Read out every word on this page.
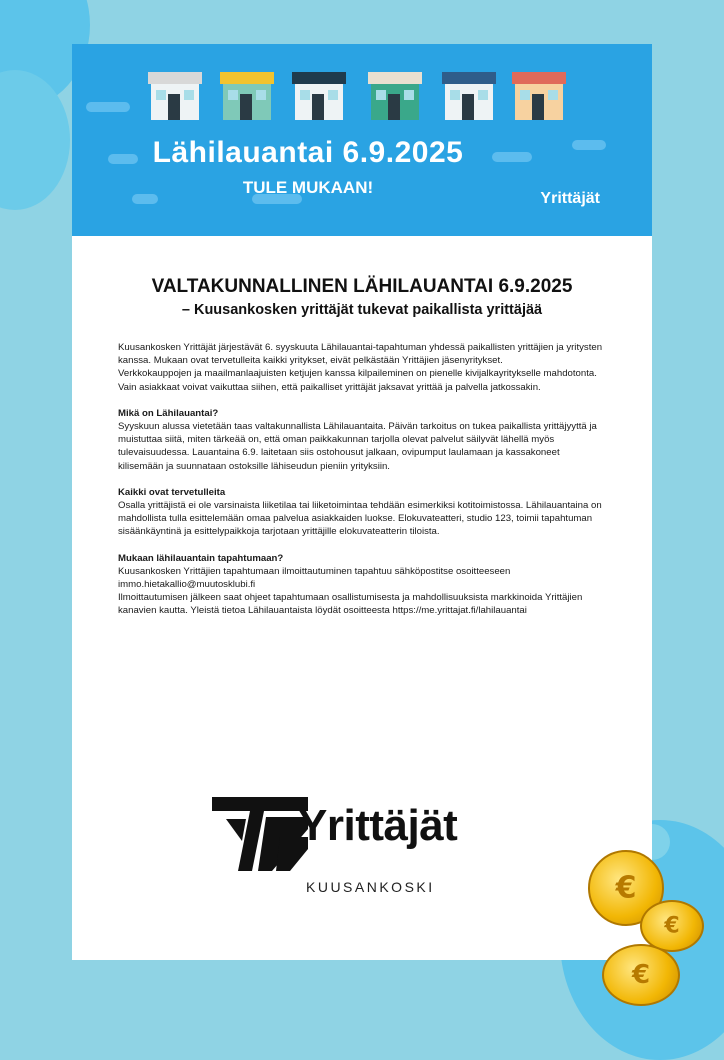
Lähilauantai 6.9.2025
TULE MUKAAN!
Yrittäjät
VALTAKUNNALLINEN LÄHILAUANTAI 6.9.2025
– Kuusankosken yrittäjät tukevat paikallista yrittäjää

Kuusankosken Yrittäjät järjestävät 6. syyskuuta Lähilauantai-tapahtuman yhdessä paikallisten yrittäjien ja yritysten kanssa. Mukaan ovat tervetulleita kaikki yritykset, eivät pelkästään Yrittäjien jäsenyritykset.
Verkkokauppojen ja maailmanlaajuisten ketjujen kanssa kilpaileminen on pienelle kivijalkayritykselle mahdotonta. Vain asiakkaat voivat vaikuttaa siihen, että paikalliset yrittäjät jaksavat yrittää ja palvella jatkossakin.

Mikä on Lähilauantai?
Syyskuun alussa vietetään taas valtakunnallista Lähilauantaita. Päivän tarkoitus on tukea paikallista yrittäjyyttä ja muistuttaa siitä, miten tärkeää on, että oman paikkakunnan tarjolla olevat palvelut säilyvät lähellä myös tulevaisuudessa. Lauantaina 6.9. laitetaan siis ostohousut jalkaan, ovipumput laulamaan ja kassakoneet kilisemään ja suunnataan ostoksille lähiseudun pieniin yrityksiin.

Kaikki ovat tervetulleita
Osalla yrittäjistä ei ole varsinaista liiketilaa tai liiketoimintaa tehdään esimerkiksi kotitoimistossa. Lähilauantaina on mahdollista tulla esittelemään omaa palvelua asiakkaiden luokse. Elokuvateatteri, studio 123, toimii tapahtuman sisäänkäyntinä ja esittelypaikkoja tarjotaan yrittäjille elokuvateatterin tiloista.

Mukaan lähilauantain tapahtumaan?
Kuusankosken Yrittäjien tapahtumaan ilmoittautuminen tapahtuu sähköpostitse osoitteeseen immo.hietakallio@muutosklubi.fi
Ilmoittautumisen jälkeen saat ohjeet tapahtumaan osallistumisesta ja mahdollisuuksista markkinoida Yrittäjien kanavien kautta. Yleistä tietoa Lähilauantaista löydät osoitteesta https://me.yrittajat.fi/lahilauantai

Yrittäjät
KUUSANKOSKI	€
€
€
